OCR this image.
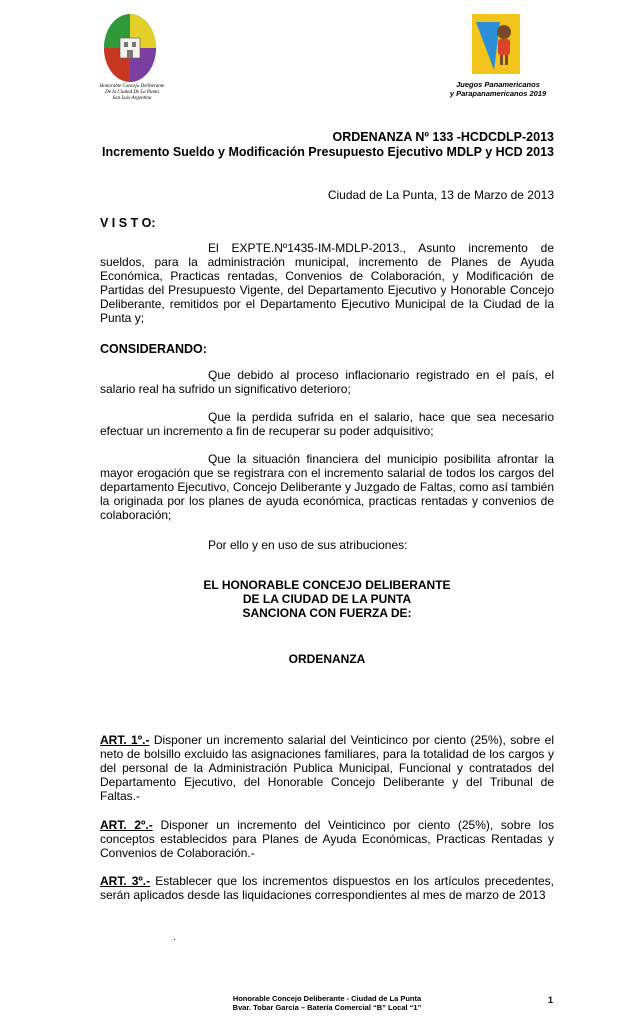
Honorable Concejo Deliberante
De la Ciudad De La Punta
San Luis-Argentina
Juegos Panamericanos
y Parapanamericanos 2019
ORDENANZA Nº 133 -HCDCDLP-2013
Incremento Sueldo y Modificación Presupuesto Ejecutivo MDLP y HCD 2013
Ciudad de La Punta, 13 de Marzo de 2013
V I S T O:
El EXPTE.Nº1435-IM-MDLP-2013., Asunto incremento de sueldos, para la administración municipal, incremento de Planes de Ayuda Económica, Practicas rentadas, Convenios de Colaboración, y Modificación de Partidas del Presupuesto Vigente, del Departamento Ejecutivo y Honorable Concejo Deliberante, remitidos por el Departamento Ejecutivo Municipal de la Ciudad de la Punta y;
CONSIDERANDO:
Que debido al proceso inflacionario registrado en el país, el salario real ha sufrido un significativo deterioro;
Que la perdida sufrida en el salario, hace que sea necesario efectuar un incremento a fin de recuperar su poder adquisitivo;
Que la situación financiera del municipio posibilita afrontar la mayor erogación que se registrara con el incremento salarial de todos los cargos del departamento Ejecutivo, Concejo Deliberante y Juzgado de Faltas, como así también la originada por los planes de ayuda económica, practicas rentadas y convenios de colaboración;
Por ello y en uso de sus atribuciones:
EL HONORABLE CONCEJO DELIBERANTE
DE LA CIUDAD DE LA PUNTA
SANCIONA CON FUERZA DE:
ORDENANZA
ART. 1º.- Disponer un incremento salarial del Veinticinco por ciento (25%), sobre el neto de bolsillo excluido las asignaciones familiares, para la totalidad de los cargos y del personal de la Administración Publica Municipal, Funcional y contratados del Departamento Ejecutivo, del Honorable Concejo Deliberante y del Tribunal de Faltas.-
ART. 2º.- Disponer un incremento del Veinticinco por ciento (25%), sobre los conceptos establecidos para Planes de Ayuda Económicas, Practicas Rentadas y Convenios de Colaboración.-
ART. 3º.- Establecer que los incrementos dispuestos en los artículos precedentes, serán aplicados desde las liquidaciones correspondientes al mes de marzo de 2013
.
Honorable Concejo Deliberante - Ciudad de La Punta
Bvar. Tobar García – Batería Comercial “B” Local “1”
1
